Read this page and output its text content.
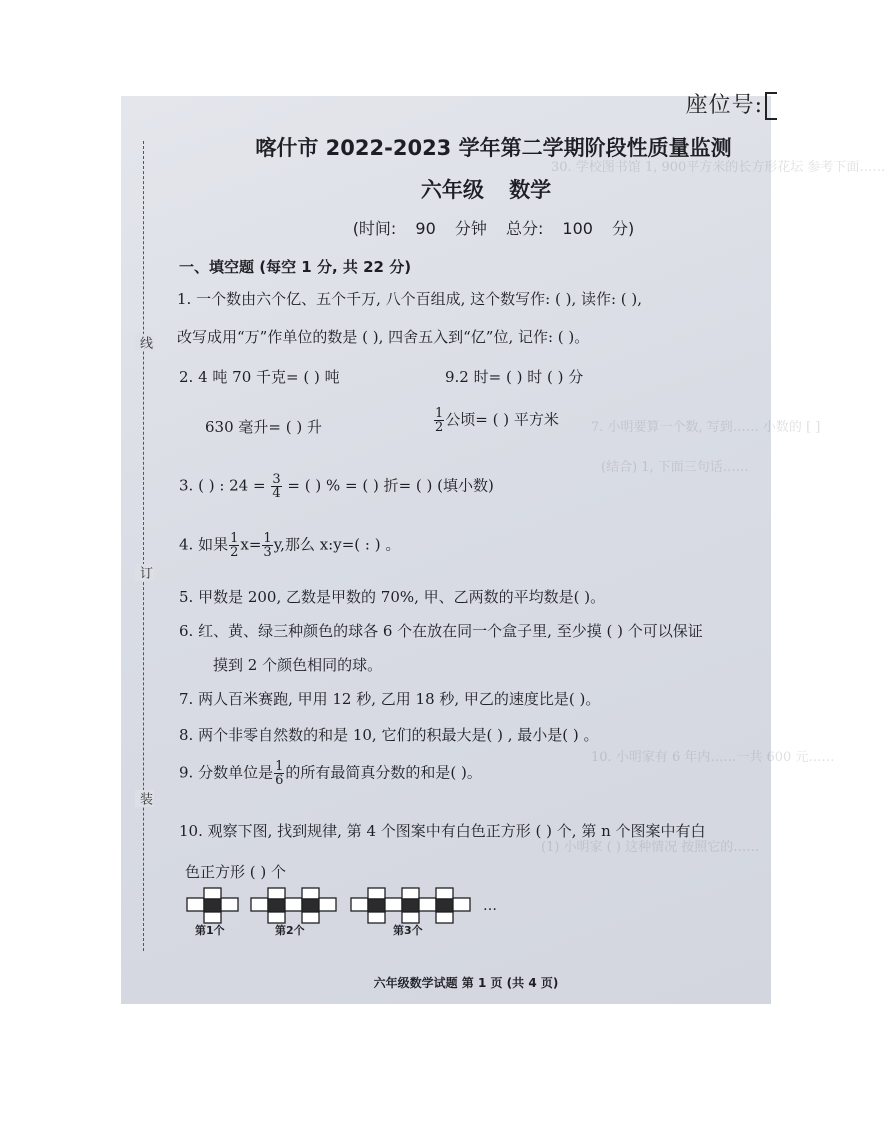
30. 学校图书馆 1, 900平方米的长方形花坛 参考下面……
7. 小明要算一个数, 写到…… 小数的 [ ]
(结合) 1, 下面三句话……
10. 小明家有 6 年内……一共 600 元……
(1) 小明家 ( ) 这种情况 按照它的……
座位号:
线
订
装
喀什市 2022-2023 学年第二学期阶段性质量监测
六年级 数学
(时间: 90 分钟 总分: 100 分)
一、填空题 (每空 1 分, 共 22 分)
1. 一个数由六个亿、五个千万, 八个百组成, 这个数写作: ( ), 读作: ( ),
改写成用“万”作单位的数是 ( ), 四舍五入到“亿”位, 记作: ( )。
2. 4 吨 70 千克= ( ) 吨	9.2 时= ( ) 时 ( ) 分
630 毫升= ( ) 升	$\frac{1}{2}$ 公顷= ( ) 平方米
3. ( ) : $24 = \frac{3}{4}$ = ( ) % = ( ) 折= ( ) (填小数)
4. 如果 $\frac{1}{2} x= \frac{1}{3} y$,那么 x:y=( : ) 。
5. 甲数是 200, 乙数是甲数的 70%, 甲、乙两数的平均数是( )。
6. 红、黄、绿三种颜色的球各 6 个在放在同一个盒子里, 至少摸 ( ) 个可以保证
摸到 2 个颜色相同的球。
7. 两人百米赛跑, 甲用 12 秒, 乙用 18 秒, 甲乙的速度比是( )。
8. 两个非零自然数的和是 10, 它们的积最大是( ) , 最小是( ) 。
9. 分数单位是 $\frac{1}{6}$ 的所有最简真分数的和是( )。
10. 观察下图, 找到规律, 第 4 个图案中有白色正方形 ( ) 个, 第 n 个图案中有白
色正方形 ( ) 个
…
第1个	第2个	第3个
六年级数学试题 第 1 页 (共 4 页)
